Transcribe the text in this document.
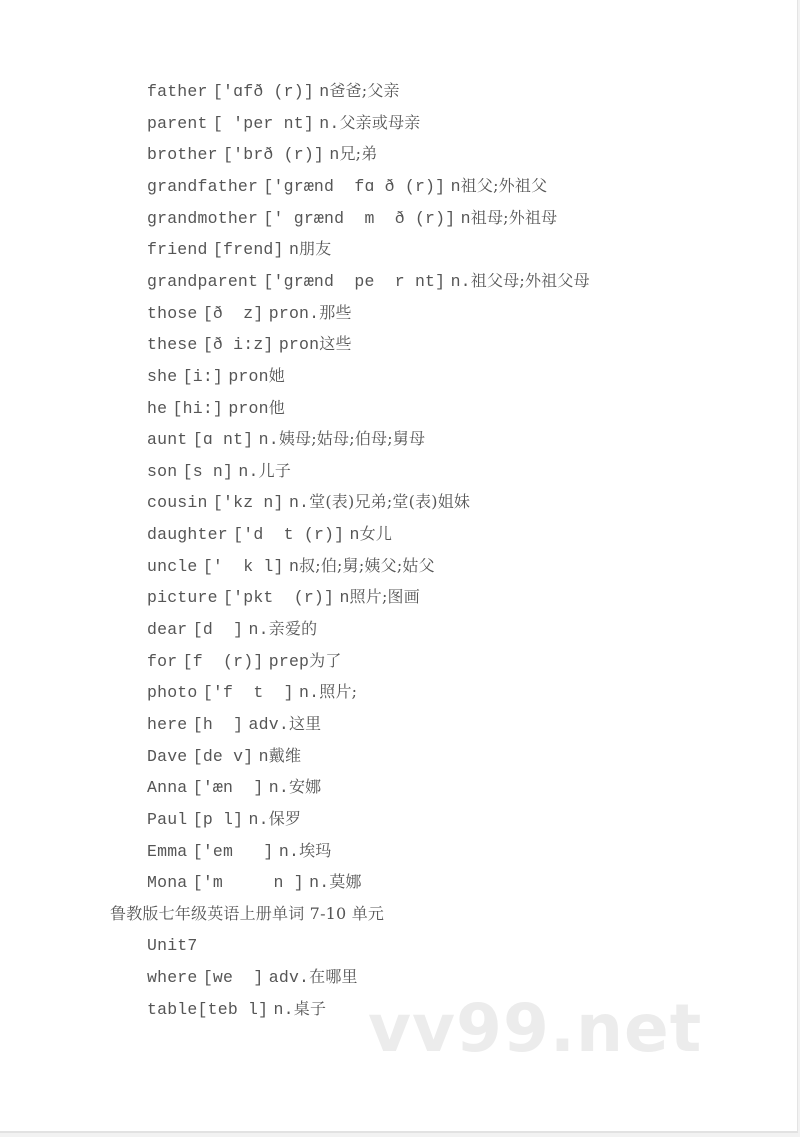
father ['ɑfð (r)] n爸爸;父亲
parent [ 'per nt] n.父亲或母亲
brother ['brð (r)] n兄;弟
grandfather ['grænd  fɑ ð (r)] n祖父;外祖父
grandmother [' grænd  m  ð (r)] n祖母;外祖母
friend [frend] n朋友
grandparent ['grænd  pe  r nt] n.祖父母;外祖父母
those [ð  z] pron.那些
these [ð i:z] pron这些
she [i:] pron她
he [hi:] pron他
aunt [ɑ nt] n.姨母;姑母;伯母;舅母
son [s n] n.儿子
cousin ['kz n] n.堂(表)兄弟;堂(表)姐妹
daughter ['d  t (r)] n女儿
uncle ['  k l] n叔;伯;舅;姨父;姑父
picture ['pkt  (r)] n照片;图画
dear [d  ] n.亲爱的
for [f  (r)] prep为了
photo ['f  t  ] n.照片;
here [h  ] adv.这里
Dave [de v] n戴维
Anna ['æn  ] n.安娜
Paul [p l] n.保罗
Emma ['em   ] n.埃玛
Mona ['m     n ] n.莫娜
鲁教版七年级英语上册单词 7-10 单元
Unit7
where [we  ] adv.在哪里
table[teb l] n.桌子 vv99.net
